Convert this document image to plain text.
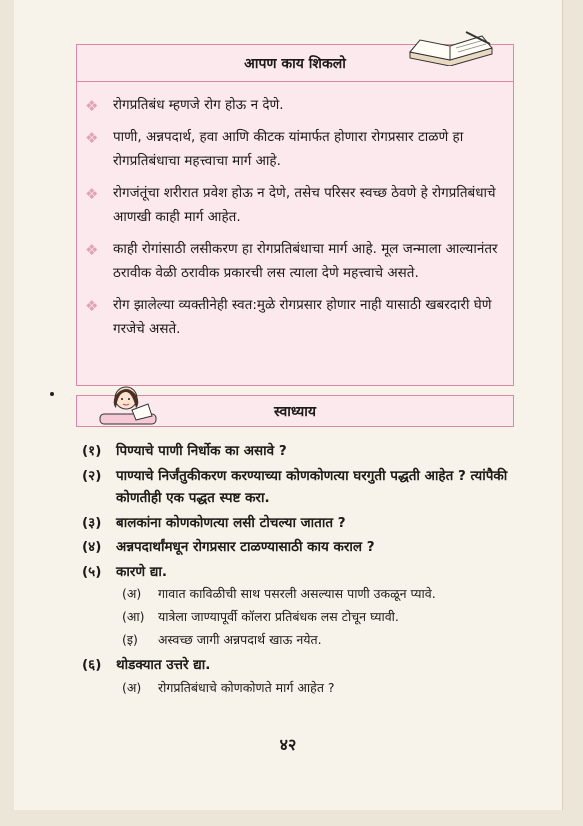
आपण काय शिकलो
❖ रोगप्रतिबंध म्हणजे रोग होऊ न देणे.
❖ पाणी, अन्नपदार्थ, हवा आणि कीटक यांमार्फत होणारा रोगप्रसार टाळणे हा रोगप्रतिबंधाचा महत्त्वाचा मार्ग आहे.
❖ रोगजंतूंचा शरीरात प्रवेश होऊ न देणे, तसेच परिसर स्वच्छ ठेवणे हे रोगप्रतिबंधाचे आणखी काही मार्ग आहेत.
❖ काही रोगांसाठी लसीकरण हा रोगप्रतिबंधाचा मार्ग आहे. मूल जन्माला आल्यानंतर ठरावीक वेळी ठरावीक प्रकारची लस त्याला देणे महत्त्वाचे असते.
❖ रोग झालेल्या व्यक्तीनेही स्वत:मुळे रोगप्रसार होणार नाही यासाठी खबरदारी घेणे गरजेचे असते.
स्वाध्याय
(१) पिण्याचे पाणी निर्धोक का असावे ?
(२) पाण्याचे निर्जंतुकीकरण करण्याच्या कोणकोणत्या घरगुती पद्धती आहेत ? त्यांपैकी कोणतीही एक पद्धत स्पष्ट करा.
(३) बालकांना कोणकोणत्या लसी टोचल्या जातात ?
(४) अन्नपदार्थांमधून रोगप्रसार टाळण्यासाठी काय कराल ?
(५) कारणे द्या.
(अ) गावात काविळीची साथ पसरली असल्यास पाणी उकळून प्यावे.
(आ) यात्रेला जाण्यापूर्वी कॉलरा प्रतिबंधक लस टोचून घ्यावी.
(इ) अस्वच्छ जागी अन्नपदार्थ खाऊ नयेत.
(६) थोडक्यात उत्तरे द्या.
(अ) रोगप्रतिबंधाचे कोणकोणते मार्ग आहेत ?
४२
